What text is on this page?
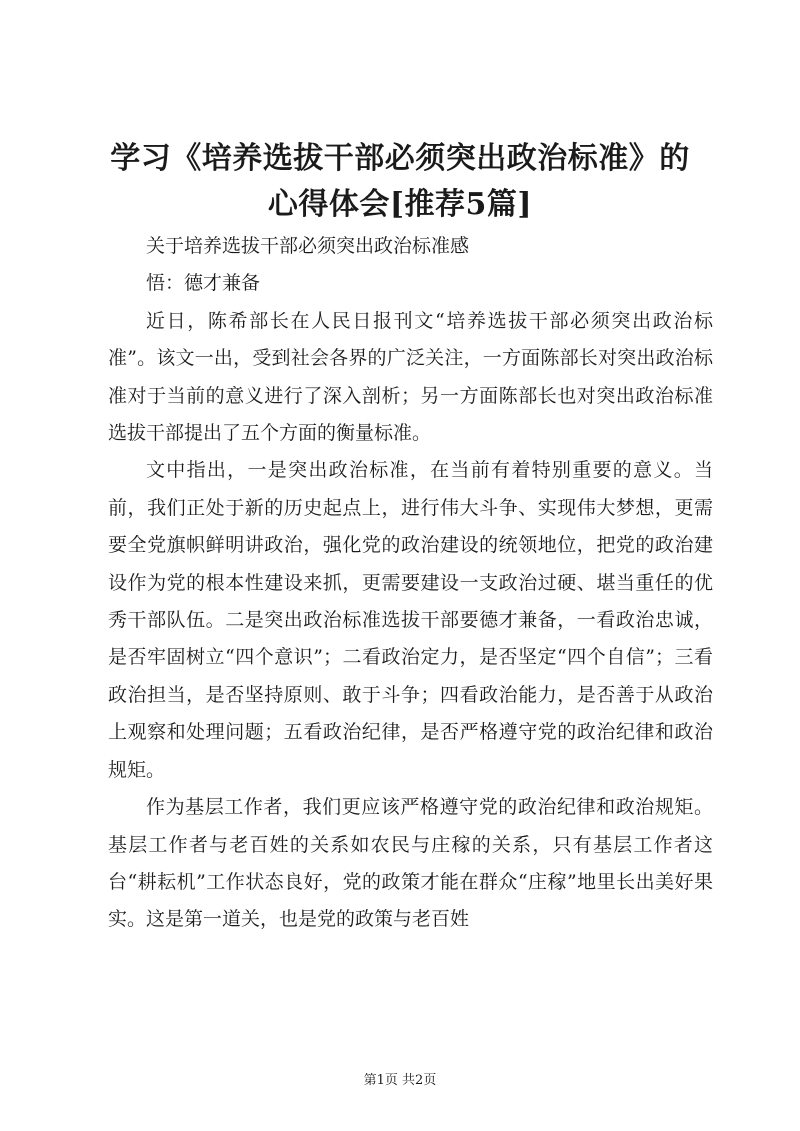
学习《培养选拔干部必须突出政治标准》的心得体会[推荐5篇]

关于培养选拔干部必须突出政治标准感

悟：德才兼备

近日，陈希部长在人民日报刊文“培养选拔干部必须突出政治标准”。该文一出，受到社会各界的广泛关注，一方面陈部长对突出政治标准对于当前的意义进行了深入剖析；另一方面陈部长也对突出政治标准选拔干部提出了五个方面的衡量标准。

文中指出，一是突出政治标准，在当前有着特别重要的意义。当前，我们正处于新的历史起点上，进行伟大斗争、实现伟大梦想，更需要全党旗帜鲜明讲政治，强化党的政治建设的统领地位，把党的政治建设作为党的根本性建设来抓，更需要建设一支政治过硬、堪当重任的优秀干部队伍。二是突出政治标准选拔干部要德才兼备，一看政治忠诚，是否牢固树立“四个意识”；二看政治定力，是否坚定“四个自信”；三看政治担当，是否坚持原则、敢于斗争；四看政治能力，是否善于从政治上观察和处理问题；五看政治纪律，是否严格遵守党的政治纪律和政治规矩。

作为基层工作者，我们更应该严格遵守党的政治纪律和政治规矩。基层工作者与老百姓的关系如农民与庄稼的关系，只有基层工作者这台“耕耘机”工作状态良好，党的政策才能在群众“庄稼”地里长出美好果实。这是第一道关，也是党的政策与老百姓

第1页 共2页
